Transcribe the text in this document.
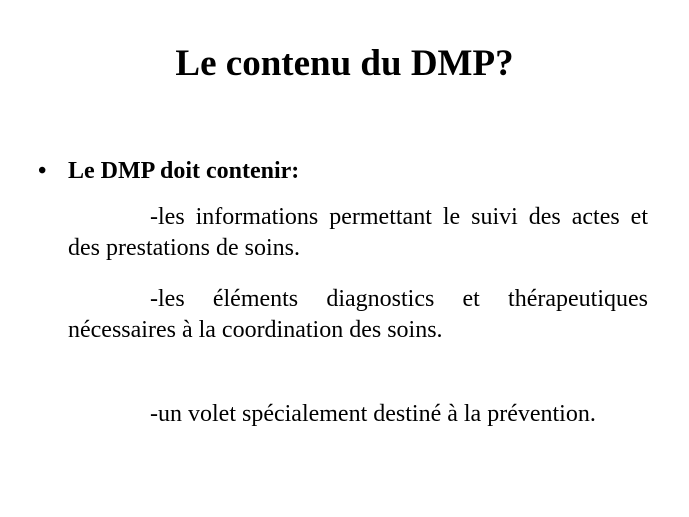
Le contenu du DMP?
• Le DMP doit contenir:

-les informations permettant le suivi des actes et des prestations de soins.

-les éléments diagnostics et thérapeutiques nécessaires à la coordination des soins.

-un volet spécialement destiné à la prévention.
